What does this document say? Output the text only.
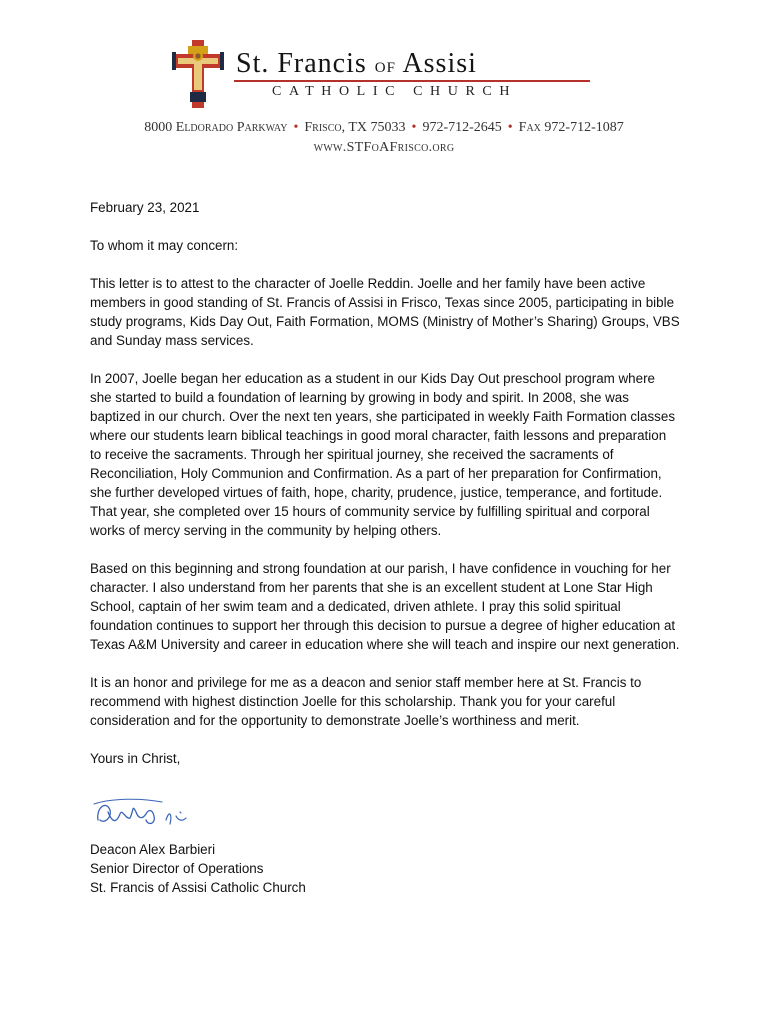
St. Francis OF Assisi
CATHOLIC CHURCH
8000 Eldorado Parkway • Frisco, TX 75033 • 972-712-2645 • Fax 972-712-1087
www.STFoAFrisco.org

February 23, 2021

To whom it may concern:

This letter is to attest to the character of Joelle Reddin. Joelle and her family have been active members in good standing of St. Francis of Assisi in Frisco, Texas since 2005, participating in bible study programs, Kids Day Out, Faith Formation, MOMS (Ministry of Mother’s Sharing) Groups, VBS and Sunday mass services.

In 2007, Joelle began her education as a student in our Kids Day Out preschool program where she started to build a foundation of learning by growing in body and spirit. In 2008, she was baptized in our church. Over the next ten years, she participated in weekly Faith Formation classes where our students learn biblical teachings in good moral character, faith lessons and preparation to receive the sacraments. Through her spiritual journey, she received the sacraments of Reconciliation, Holy Communion and Confirmation. As a part of her preparation for Confirmation, she further developed virtues of faith, hope, charity, prudence, justice, temperance, and fortitude. That year, she completed over 15 hours of community service by fulfilling spiritual and corporal works of mercy serving in the community by helping others.

Based on this beginning and strong foundation at our parish, I have confidence in vouching for her character. I also understand from her parents that she is an excellent student at Lone Star High School, captain of her swim team and a dedicated, driven athlete. I pray this solid spiritual foundation continues to support her through this decision to pursue a degree of higher education at Texas A&M University and career in education where she will teach and inspire our next generation.

It is an honor and privilege for me as a deacon and senior staff member here at St. Francis to recommend with highest distinction Joelle for this scholarship. Thank you for your careful consideration and for the opportunity to demonstrate Joelle’s worthiness and merit.

Yours in Christ,

Deacon Alex Barbieri
Senior Director of Operations
St. Francis of Assisi Catholic Church
